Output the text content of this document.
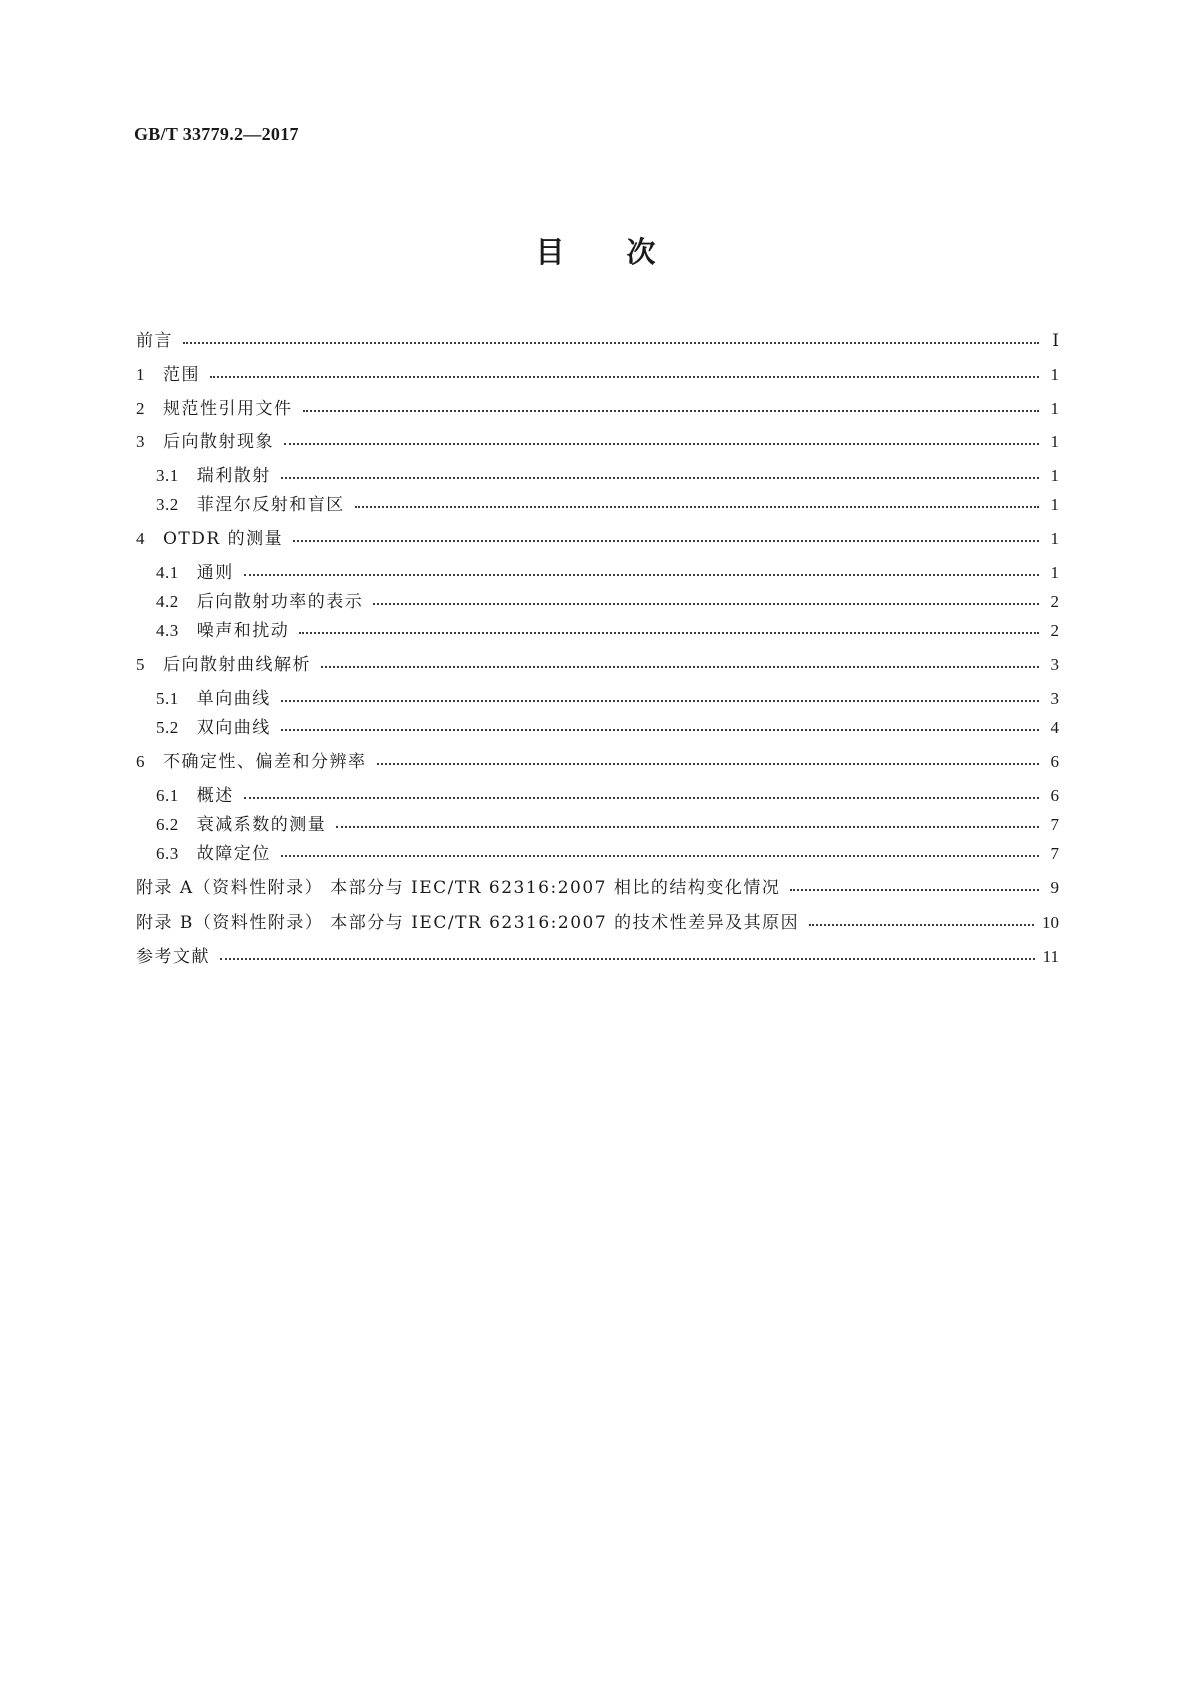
GB/T 33779.2—2017
目次
前言	Ⅰ
1 范围	1
2 规范性引用文件	1
3 后向散射现象	1
3.1 瑞利散射	1
3.2 菲涅尔反射和盲区	1
4 OTDR 的测量	1
4.1 通则	1
4.2 后向散射功率的表示	2
4.3 噪声和扰动	2
5 后向散射曲线解析	3
5.1 单向曲线	3
5.2 双向曲线	4
6 不确定性、偏差和分辨率	6
6.1 概述	6
6.2 衰减系数的测量	7
6.3 故障定位	7
附录 A（资料性附录） 本部分与 IEC/TR 62316:2007 相比的结构变化情况	9
附录 B（资料性附录） 本部分与 IEC/TR 62316:2007 的技术性差异及其原因	10
参考文献	11
